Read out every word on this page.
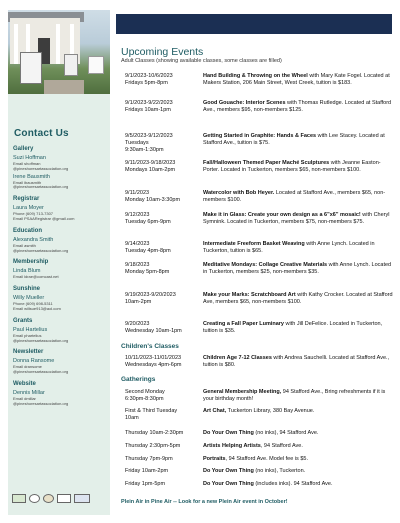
Contact Us
Gallery
Suzi Hoffman
Email shoffman
@pineshoresartassociation.org
Irene Bausmith
Email ibausmith
@pineshoresartassociation.org
Registrar
Laura Moyer
Phone (609) 713-7307
Email PSAARegistrar @gmail.com
Education
Alexandra Smith
Email asmith
@pineshoresartassociation.org
Membership
Linda Blum
Email ldrae@comcast.net
Sunshine
Willy Mueller
Phone (609) 698-5311
Email willsue913@aol.com
Grants
Paul Hartelius
Email phartelius
@pineshoresartassociation.org
Newsletter
Donna Ransome
Email dransome
@pineshoresartassociation.org
Website
Dennis Millar
Email dmillar
@pineshoresartassociation.org
Upcoming Events
Adult Classes (showing available classes, some classes are filled)
9/1/2023-10/6/2023
Fridays 5pm-8pm
Hand Building & Throwing on the Wheel with Mary Kate Fogel. Located at Makers Station, 206 Main Street, West Creek, tuition is $183.
9/1/2023-9/22/2023
Fridays 10am-1pm
Good Gouache: Interior Scenes with Thomas Rutledge. Located at Stafford Ave., members $95, non-members $125.
9/5/2023-9/12/2023
Tuesdays
9:30am-1:30pm
Getting Started in Graphite: Hands & Faces with Lee Stacey. Located at Stafford Ave., tuition is $75.
9/11/2023-9/18/2023
Mondays 10am-2pm
Fall/Halloween Themed Paper Maché Sculptures with Jeanne Easton-Porter. Located in Tuckerton, members $65, non-members $100.
9/11/2023
Monday 10am-3:30pm
Watercolor with Bob Heyer. Located at Stafford Ave., members $65, non-members $100.
9/12/2023
Tuesday 6pm-9pm
Make it in Glass: Create your own design as a 6"x6" mosaic! with Cheryl Symnink. Located in Tuckerton, members $75, non-members $75.
9/14/2023
Tuesday 4pm-8pm
Intermediate Freeform Basket Weaving with Anne Lynch. Located in Tuckerton, tuition is $65.
9/18/2023
Monday 5pm-8pm
Meditative Mondays: Collage Creative Materials with Anne Lynch. Located in Tuckerton, members $25, non-members $35.
9/19/2023-9/20/2023
10am-2pm
Make your Marks: Scratchboard Art with Kathy Crocker. Located at Stafford Ave, members $65, non-members $100.
9/20/2023
Wednesday 10am-1pm
Creating a Fall Paper Luminary with Jill DeFelice. Located in Tuckerton, tuition is $35.
10/11/2023-11/01/2023
Wednesdays 4pm-6pm
Children Age 7-12 Classes with Andrea Sauchelli. Located at Stafford Ave., tuition is $80.
Second Monday
6:30pm-8:30pm
General Membership Meeting, 94 Stafford Ave., Bring refreshments if it is your birthday month!
First & Third Tuesday
10am
Art Chat, Tuckerton Library, 380 Bay Avenue.
Thursday 10am-2:30pm	Do Your Own Thing (no inks), 94 Stafford Ave.
Thursday 2:30pm-5pm	Artists Helping Artists, 94 Stafford Ave.
Thursday 7pm-9pm	Portraits, 94 Stafford Ave. Model fee is $5.
Friday 10am-2pm	Do Your Own Thing (no inks), Tuckerton.
Friday 1pm-5pm	Do Your Own Thing (includes inks). 94 Stafford Ave.
Children's Classes
Gatherings
Plein Air in Pine Air -- Look for a new Plein Air event in October!
